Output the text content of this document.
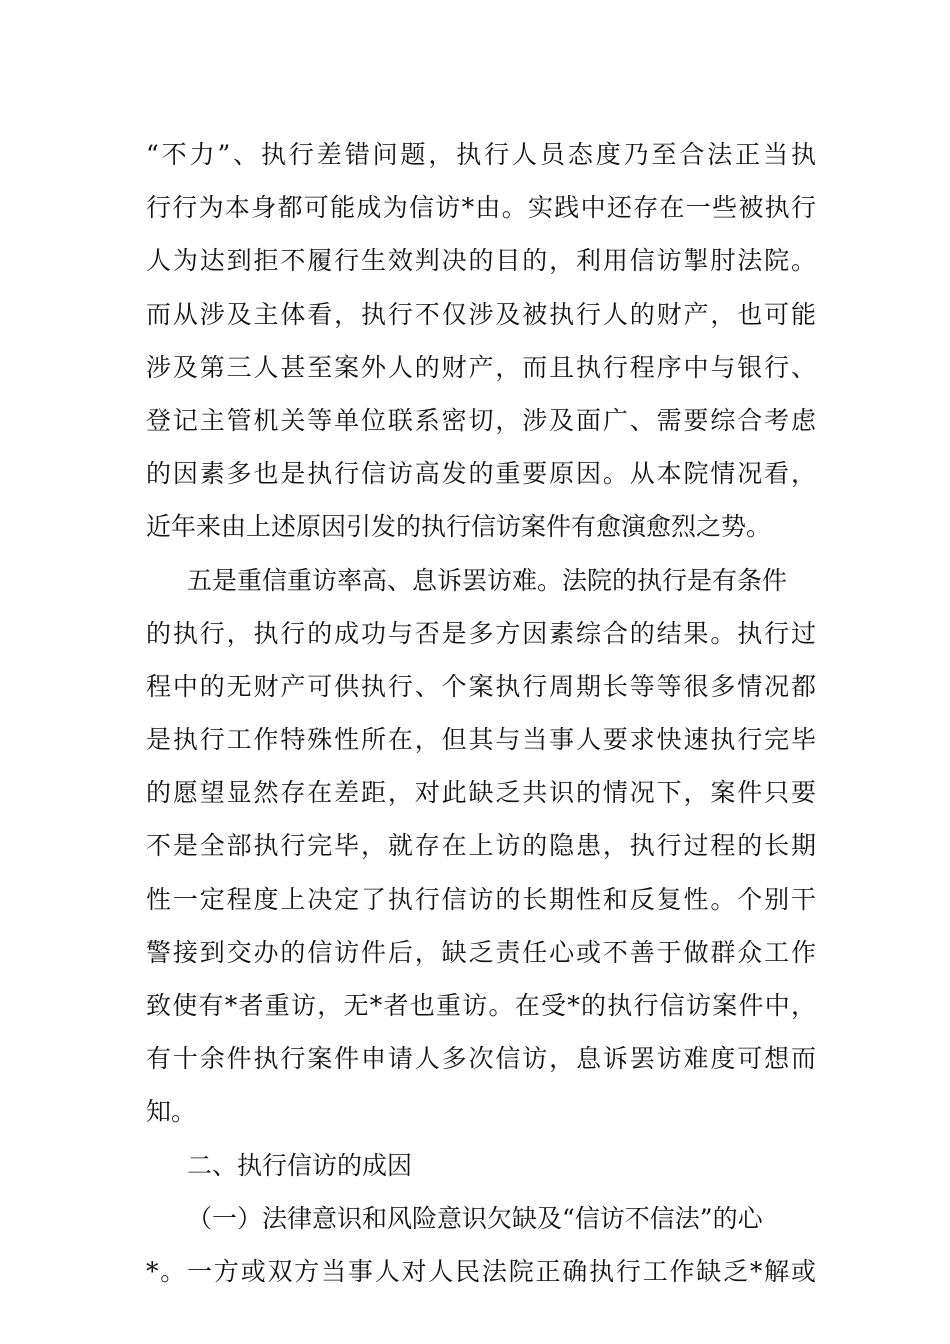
“不力”、执行差错问题，执行人员态度乃至合法正当执
行行为本身都可能成为信访*由。实践中还存在一些被执行
人为达到拒不履行生效判决的目的，利用信访掣肘法院。
而从涉及主体看，执行不仅涉及被执行人的财产，也可能
涉及第三人甚至案外人的财产，而且执行程序中与银行、
登记主管机关等单位联系密切，涉及面广、需要综合考虑
的因素多也是执行信访高发的重要原因。从本院情况看，
近年来由上述原因引发的执行信访案件有愈演愈烈之势。
五是重信重访率高、息诉罢访难。法院的执行是有条件
的执行，执行的成功与否是多方因素综合的结果。执行过
程中的无财产可供执行、个案执行周期长等等很多情况都
是执行工作特殊性所在，但其与当事人要求快速执行完毕
的愿望显然存在差距，对此缺乏共识的情况下，案件只要
不是全部执行完毕，就存在上访的隐患，执行过程的长期
性一定程度上决定了执行信访的长期性和反复性。个别干
警接到交办的信访件后，缺乏责任心或不善于做群众工作
致使有*者重访，无*者也重访。在受*的执行信访案件中，
有十余件执行案件申请人多次信访，息诉罢访难度可想而
知。
二、执行信访的成因
（一）法律意识和风险意识欠缺及“信访不信法”的心
*。一方或双方当事人对人民法院正确执行工作缺乏*解或
